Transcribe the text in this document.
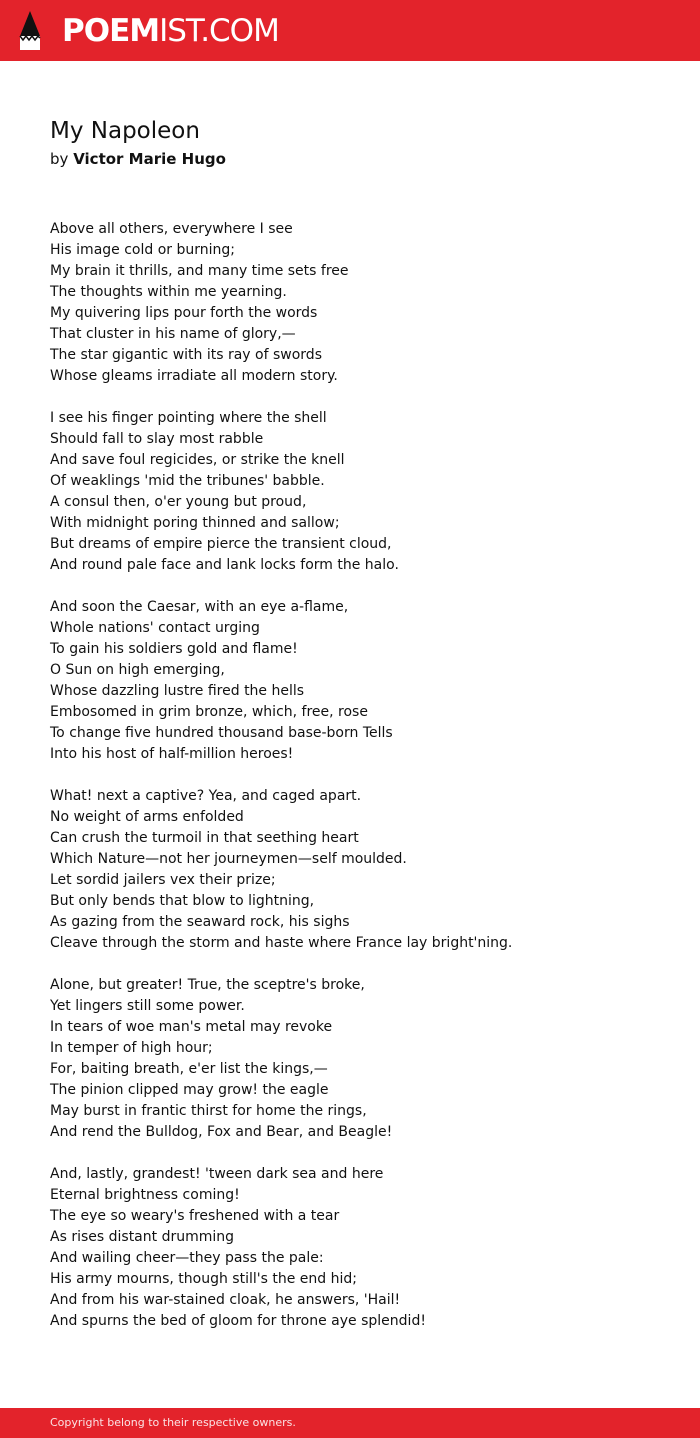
POEMIST.COM
My Napoleon
by Victor Marie Hugo
Above all others, everywhere I see
His image cold or burning;
My brain it thrills, and many time sets free
The thoughts within me yearning.
My quivering lips pour forth the words
That cluster in his name of glory,—
The star gigantic with its ray of swords
Whose gleams irradiate all modern story.
I see his finger pointing where the shell
Should fall to slay most rabble
And save foul regicides, or strike the knell
Of weaklings 'mid the tribunes' babble.
A consul then, o'er young but proud,
With midnight poring thinned and sallow;
But dreams of empire pierce the transient cloud,
And round pale face and lank locks form the halo.
And soon the Caesar, with an eye a-flame,
Whole nations' contact urging
To gain his soldiers gold and flame!
O Sun on high emerging,
Whose dazzling lustre fired the hells
Embosomed in grim bronze, which, free, rose
To change five hundred thousand base-born Tells
Into his host of half-million heroes!
What! next a captive? Yea, and caged apart.
No weight of arms enfolded
Can crush the turmoil in that seething heart
Which Nature—not her journeymen—self moulded.
Let sordid jailers vex their prize;
But only bends that blow to lightning,
As gazing from the seaward rock, his sighs
Cleave through the storm and haste where France lay bright'ning.
Alone, but greater! True, the sceptre's broke,
Yet lingers still some power.
In tears of woe man's metal may revoke
In temper of high hour;
For, baiting breath, e'er list the kings,—
The pinion clipped may grow! the eagle
May burst in frantic thirst for home the rings,
And rend the Bulldog, Fox and Bear, and Beagle!
And, lastly, grandest! 'tween dark sea and here
Eternal brightness coming!
The eye so weary's freshened with a tear
As rises distant drumming
And wailing cheer—they pass the pale:
His army mourns, though still's the end hid;
And from his war-stained cloak, he answers, 'Hail!
And spurns the bed of gloom for throne aye splendid!
Copyright belong to their respective owners.
